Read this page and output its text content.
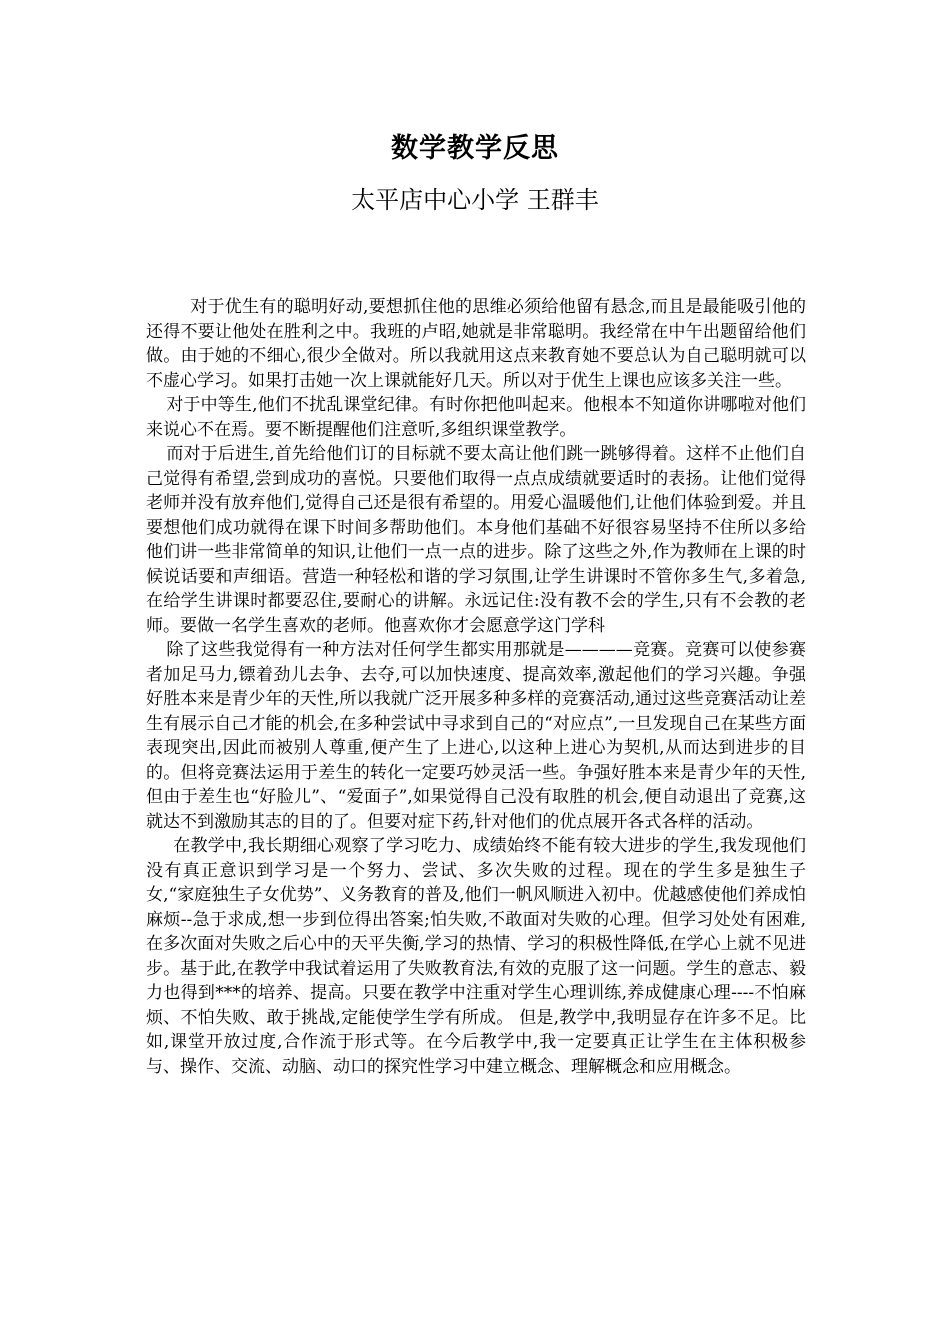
数学教学反思
太平店中心小学 王群丰

对于优生有的聪明好动,要想抓住他的思维必须给他留有悬念,而且是最能吸引他的还得不要让他处在胜利之中。我班的卢昭,她就是非常聪明。我经常在中午出题留给他们做。由于她的不细心,很少全做对。所以我就用这点来教育她不要总认为自己聪明就可以不虚心学习。如果打击她一次上课就能好几天。所以对于优生上课也应该多关注一些。

对于中等生,他们不扰乱课堂纪律。有时你把他叫起来。他根本不知道你讲哪啦对他们来说心不在焉。要不断提醒他们注意听,多组织课堂教学。

而对于后进生,首先给他们订的目标就不要太高让他们跳一跳够得着。这样不止他们自己觉得有希望,尝到成功的喜悦。只要他们取得一点点成绩就要适时的表扬。让他们觉得老师并没有放弃他们,觉得自己还是很有希望的。用爱心温暖他们,让他们体验到爱。并且要想他们成功就得在课下时间多帮助他们。本身他们基础不好很容易坚持不住所以多给他们讲一些非常简单的知识,让他们一点一点的进步。除了这些之外,作为教师在上课的时候说话要和声细语。营造一种轻松和谐的学习氛围,让学生讲课时不管你多生气,多着急,在给学生讲课时都要忍住,要耐心的讲解。永远记住:没有教不会的学生,只有不会教的老师。要做一名学生喜欢的老师。他喜欢你才会愿意学这门学科

除了这些我觉得有一种方法对任何学生都实用那就是————竞赛。竞赛可以使参赛者加足马力,镖着劲儿去争、去夺,可以加快速度、提高效率,激起他们的学习兴趣。争强好胜本来是青少年的天性,所以我就广泛开展多种多样的竞赛活动,通过这些竞赛活动让差生有展示自己才能的机会,在多种尝试中寻求到自己的“对应点”,一旦发现自己在某些方面表现突出,因此而被别人尊重,便产生了上进心,以这种上进心为契机,从而达到进步的目的。但将竞赛法运用于差生的转化一定要巧妙灵活一些。争强好胜本来是青少年的天性,但由于差生也“好脸儿”、“爱面子”,如果觉得自己没有取胜的机会,便自动退出了竞赛,这就达不到激励其志的目的了。但要对症下药,针对他们的优点展开各式各样的活动。

在教学中,我长期细心观察了学习吃力、成绩始终不能有较大进步的学生,我发现他们没有真正意识到学习是一个努力、尝试、多次失败的过程。现在的学生多是独生子女,“家庭独生子女优势”、义务教育的普及,他们一帆风顺进入初中。优越感使他们养成怕麻烦--急于求成,想一步到位得出答案;怕失败,不敢面对失败的心理。但学习处处有困难,在多次面对失败之后心中的天平失衡,学习的热情、学习的积极性降低,在学心上就不见进步。基于此,在教学中我试着运用了失败教育法,有效的克服了这一问题。学生的意志、毅力也得到***的培养、提高。只要在教学中注重对学生心理训练,养成健康心理----不怕麻烦、不怕失败、敢于挑战,定能使学生学有所成。 但是,教学中,我明显存在许多不足。比如,课堂开放过度,合作流于形式等。在今后教学中,我一定要真正让学生在主体积极参与、操作、交流、动脑、动口的探究性学习中建立概念、理解概念和应用概念。
